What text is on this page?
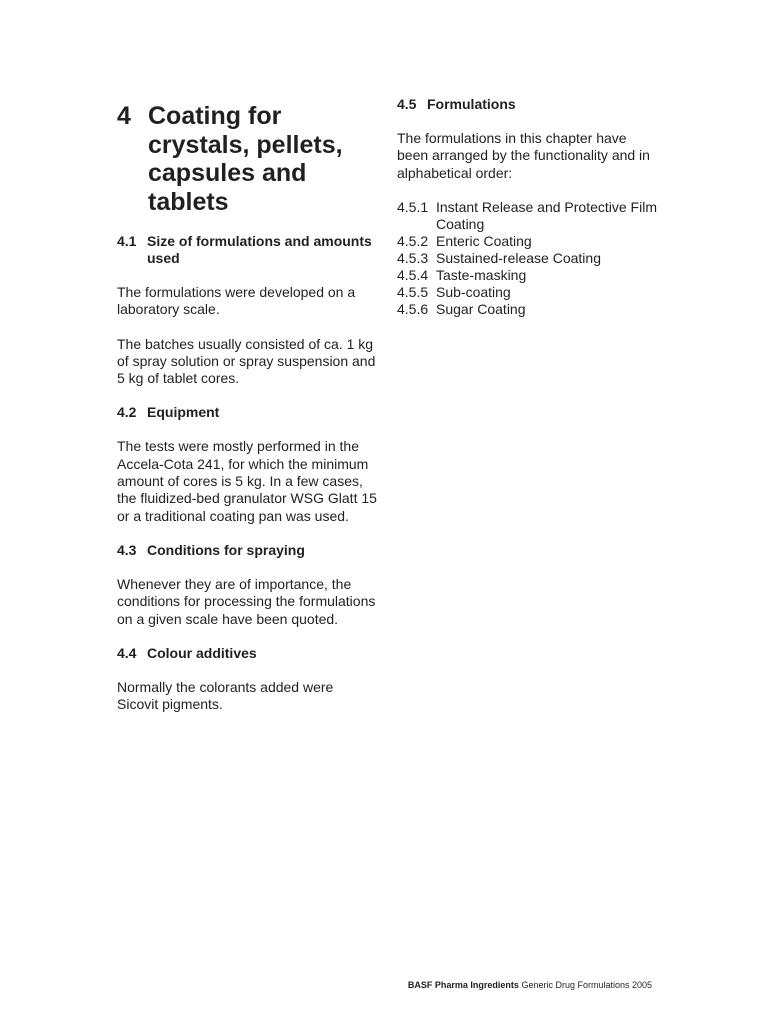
4 Coating for crystals, pellets, capsules and tablets
4.1 Size of formulations and amounts used

The formulations were developed on a laboratory scale.

The batches usually consisted of ca. 1 kg of spray solution or spray suspension and 5 kg of tablet cores.

4.2 Equipment

The tests were mostly performed in the Accela-Cota 241, for which the minimum amount of cores is 5 kg. In a few cases, the fluidized-bed granulator WSG Glatt 15 or a traditional coating pan was used.

4.3 Conditions for spraying

Whenever they are of importance, the conditions for processing the formulations on a given scale have been quoted.

4.4 Colour additives

Normally the colorants added were Sicovit pigments.

4.5 Formulations

The formulations in this chapter have been arranged by the functionality and in alphabetical order:

4.5.1 Instant Release and Protective Film Coating
4.5.2 Enteric Coating
4.5.3 Sustained-release Coating
4.5.4 Taste-masking
4.5.5 Sub-coating
4.5.6 Sugar Coating
BASF Pharma Ingredients Generic Drug Formulations 2005
